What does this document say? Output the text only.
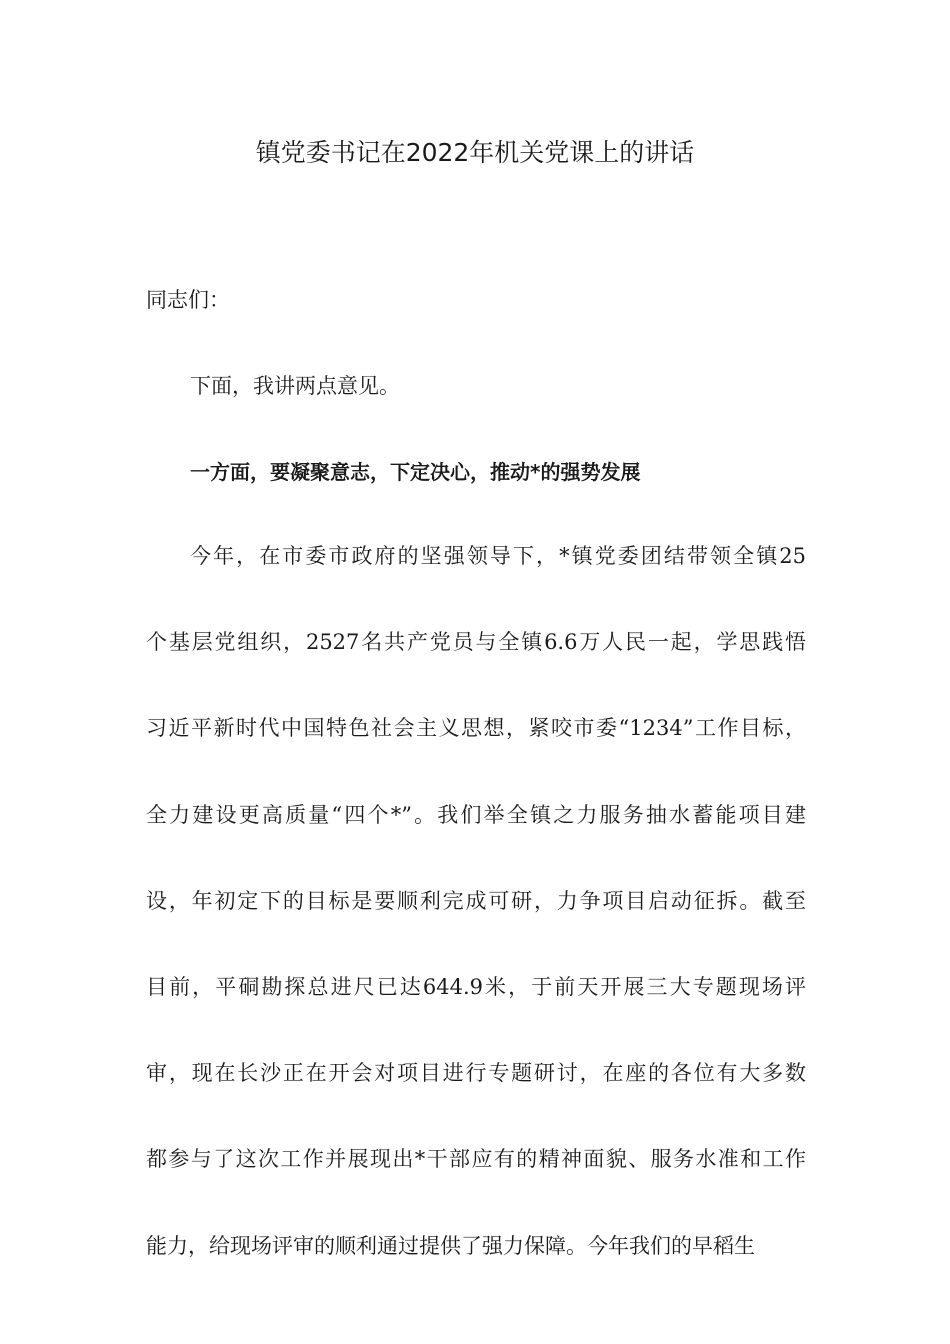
镇党委书记在2022年机关党课上的讲话
同志们：
下面，我讲两点意见。
一方面，要凝聚意志，下定决心，推动*的强势发展
今年，在市委市政府的坚强领导下，*镇党委团结带领全镇25
个基层党组织，2527名共产党员与全镇6.6万人民一起，学思践悟
习近平新时代中国特色社会主义思想，紧咬市委“1234”工作目标，
全力建设更高质量“四个*”。我们举全镇之力服务抽水蓄能项目建
设，年初定下的目标是要顺利完成可研，力争项目启动征拆。截至
目前，平硐勘探总进尺已达644.9米，于前天开展三大专题现场评
审，现在长沙正在开会对项目进行专题研讨，在座的各位有大多数
都参与了这次工作并展现出*干部应有的精神面貌、服务水准和工作
能力，给现场评审的顺利通过提供了强力保障。今年我们的早稻生
